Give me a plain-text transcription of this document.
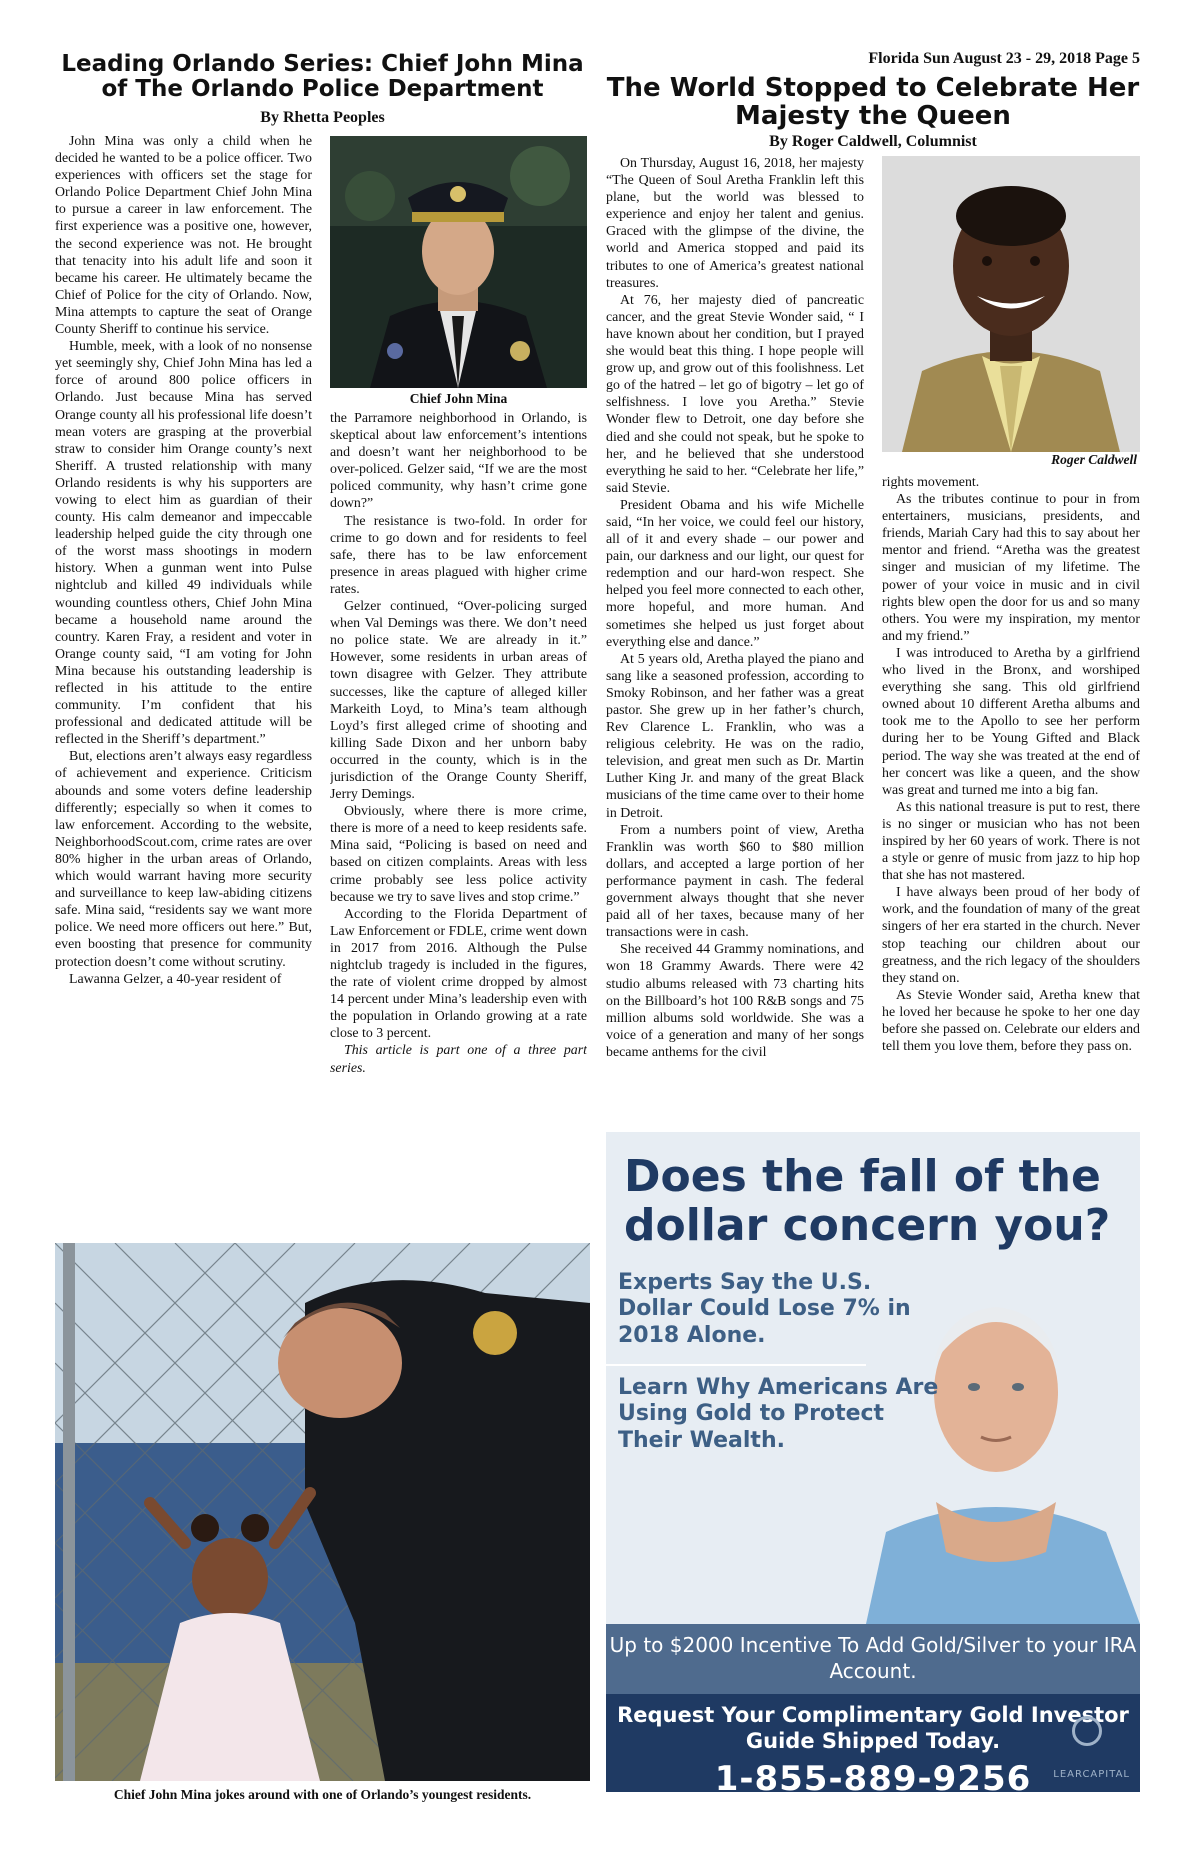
Florida Sun August 23 - 29, 2018 Page 5
Leading Orlando Series: Chief John Mina of The Orlando Police Department
By Rhetta Peoples

John Mina was only a child when he decided he wanted to be a police officer. Two experiences with officers set the stage for Orlando Police Department Chief John Mina to pursue a career in law enforcement. The first experience was a positive one, however, the second experience was not. He brought that tenacity into his adult life and soon it became his career. He ultimately became the Chief of Police for the city of Orlando. Now, Mina attempts to capture the seat of Orange County Sheriff to continue his service.

Humble, meek, with a look of no nonsense yet seemingly shy, Chief John Mina has led a force of around 800 police officers in Orlando. Just because Mina has served Orange county all his professional life doesn’t mean voters are grasping at the proverbial straw to consider him Orange county’s next Sheriff. A trusted relationship with many Orlando residents is why his supporters are vowing to elect him as guardian of their county. His calm demeanor and impeccable leadership helped guide the city through one of the worst mass shootings in modern history. When a gunman went into Pulse nightclub and killed 49 individuals while wounding countless others, Chief John Mina became a household name around the country. Karen Fray, a resident and voter in Orange county said, “I am voting for John Mina because his outstanding leadership is reflected in his attitude to the entire community. I’m confident that his professional and dedicated attitude will be reflected in the Sheriff’s department.”

But, elections aren’t always easy regardless of achievement and experience. Criticism abounds and some voters define leadership differently; especially so when it comes to law enforcement. According to the website, NeighborhoodScout.com, crime rates are over 80% higher in the urban areas of Orlando, which would warrant having more security and surveillance to keep law-abiding citizens safe. Mina said, “residents say we want more police. We need more officers out here.” But, even boosting that presence for community protection doesn’t come without scrutiny.

Lawanna Gelzer, a 40-year resident of

Chief John Mina

the Parramore neighborhood in Orlando, is skeptical about law enforcement’s intentions and doesn’t want her neighborhood to be over-policed. Gelzer said, “If we are the most policed community, why hasn’t crime gone down?”

The resistance is two-fold. In order for crime to go down and for residents to feel safe, there has to be law enforcement presence in areas plagued with higher crime rates.

Gelzer continued, “Over-policing surged when Val Demings was there. We don’t need no police state. We are already in it.” However, some residents in urban areas of town disagree with Gelzer. They attribute successes, like the capture of alleged killer Markeith Loyd, to Mina’s team although Loyd’s first alleged crime of shooting and killing Sade Dixon and her unborn baby occurred in the county, which is in the jurisdiction of the Orange County Sheriff, Jerry Demings.

Obviously, where there is more crime, there is more of a need to keep residents safe. Mina said, “Policing is based on need and based on citizen complaints. Areas with less crime probably see less police activity because we try to save lives and stop crime.”

According to the Florida Department of Law Enforcement or FDLE, crime went down in 2017 from 2016. Although the Pulse nightclub tragedy is included in the figures, the rate of violent crime dropped by almost 14 percent under Mina’s leadership even with the population in Orlando growing at a rate close to 3 percent.

This article is part one of a three part series.

Chief John Mina jokes around with one of Orlando’s youngest residents.
The World Stopped to Celebrate Her Majesty the Queen
By Roger Caldwell, Columnist

On Thursday, August 16, 2018, her majesty “The Queen of Soul Aretha Franklin left this plane, but the world was blessed to experience and enjoy her talent and genius. Graced with the glimpse of the divine, the world and America stopped and paid its tributes to one of America’s greatest national treasures.

At 76, her majesty died of pancreatic cancer, and the great Stevie Wonder said, “ I have known about her condition, but I prayed she would beat this thing. I hope people will grow up, and grow out of this foolishness. Let go of the hatred – let go of bigotry – let go of selfishness. I love you Aretha.” Stevie Wonder flew to Detroit, one day before she died and she could not speak, but he spoke to her, and he believed that she understood everything he said to her. “Celebrate her life,” said Stevie.

President Obama and his wife Michelle said, “In her voice, we could feel our history, all of it and every shade – our power and pain, our darkness and our light, our quest for redemption and our hard-won respect. She helped you feel more connected to each other, more hopeful, and more human. And sometimes she helped us just forget about everything else and dance.”

At 5 years old, Aretha played the piano and sang like a seasoned profession, according to Smoky Robinson, and her father was a great pastor. She grew up in her father’s church, Rev Clarence L. Franklin, who was a religious celebrity. He was on the radio, television, and great men such as Dr. Martin Luther King Jr. and many of the great Black musicians of the time came over to their home in Detroit.

From a numbers point of view, Aretha Franklin was worth $60 to $80 million dollars, and accepted a large portion of her performance payment in cash. The federal government always thought that she never paid all of her taxes, because many of her transactions were in cash.

She received 44 Grammy nominations, and won 18 Grammy Awards. There were 42 studio albums released with 73 charting hits on the Billboard’s hot 100 R&B songs and 75 million albums sold worldwide. She was a voice of a generation and many of her songs became anthems for the civil

Roger Caldwell

rights movement.

As the tributes continue to pour in from entertainers, musicians, presidents, and friends, Mariah Cary had this to say about her mentor and friend. “Aretha was the greatest singer and musician of my lifetime. The power of your voice in music and in civil rights blew open the door for us and so many others. You were my inspiration, my mentor and my friend.”

I was introduced to Aretha by a girlfriend who lived in the Bronx, and worshiped everything she sang. This old girlfriend owned about 10 different Aretha albums and took me to the Apollo to see her perform during her to be Young Gifted and Black period. The way she was treated at the end of her concert was like a queen, and the show was great and turned me into a big fan.

As this national treasure is put to rest, there is no singer or musician who has not been inspired by her 60 years of work. There is not a style or genre of music from jazz to hip hop that she has not mastered.

I have always been proud of her body of work, and the foundation of many of the great singers of her era started in the church. Never stop teaching our children about our greatness, and the rich legacy of the shoulders they stand on.

As Stevie Wonder said, Aretha knew that he loved her because he spoke to her one day before she passed on. Celebrate our elders and tell them you love them, before they pass on.

Does the fall of the dollar concern you?
Experts Say the U.S. Dollar Could Lose 7% in 2018 Alone.
Learn Why Americans Are Using Gold to Protect Their Wealth.
Up to $2000 Incentive To Add Gold/Silver to your IRA Account.
Request Your Complimentary Gold Investor Guide Shipped Today.
1-855-889-9256	LEARCAPITAL
